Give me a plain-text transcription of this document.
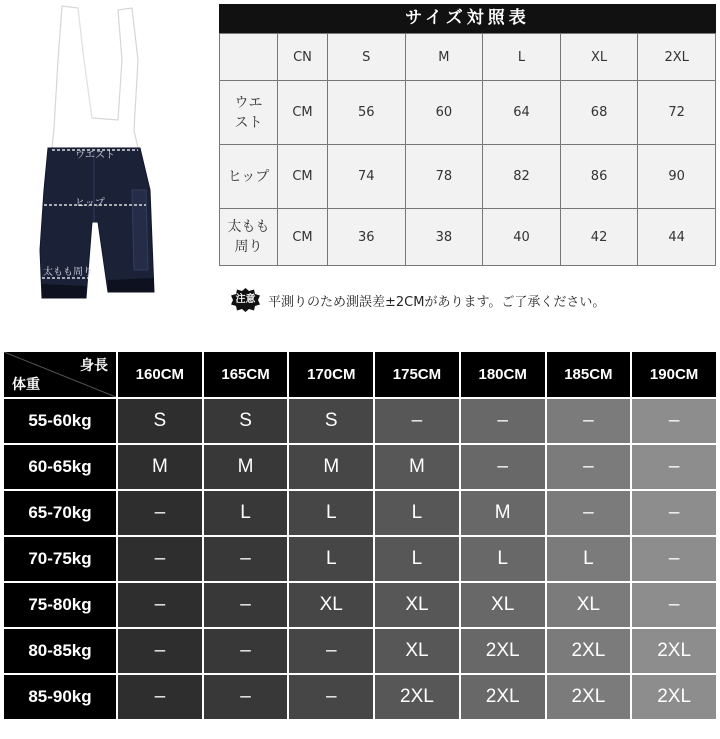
ウエスト
ヒップ
太もも周り
サイズ対照表
	CN	S	M	L	XL	2XL
ウエ
スト	CM	56	60	64	68	72
ヒップ	CM	74	78	82	86	90
太もも
周り	CM	36	38	40	42	44
注意 平測りのため測誤差±2CMがあります。ご了承ください。
身長
体重	160CM	165CM	170CM	175CM	180CM	185CM	190CM
55-60kg	S	S	S	–	–	–	–
60-65kg	M	M	M	M	–	–	–
65-70kg	–	L	L	L	M	–	–
70-75kg	–	–	L	L	L	L	–
75-80kg	–	–	XL	XL	XL	XL	–
80-85kg	–	–	–	XL	2XL	2XL	2XL
85-90kg	–	–	–	2XL	2XL	2XL	2XL
